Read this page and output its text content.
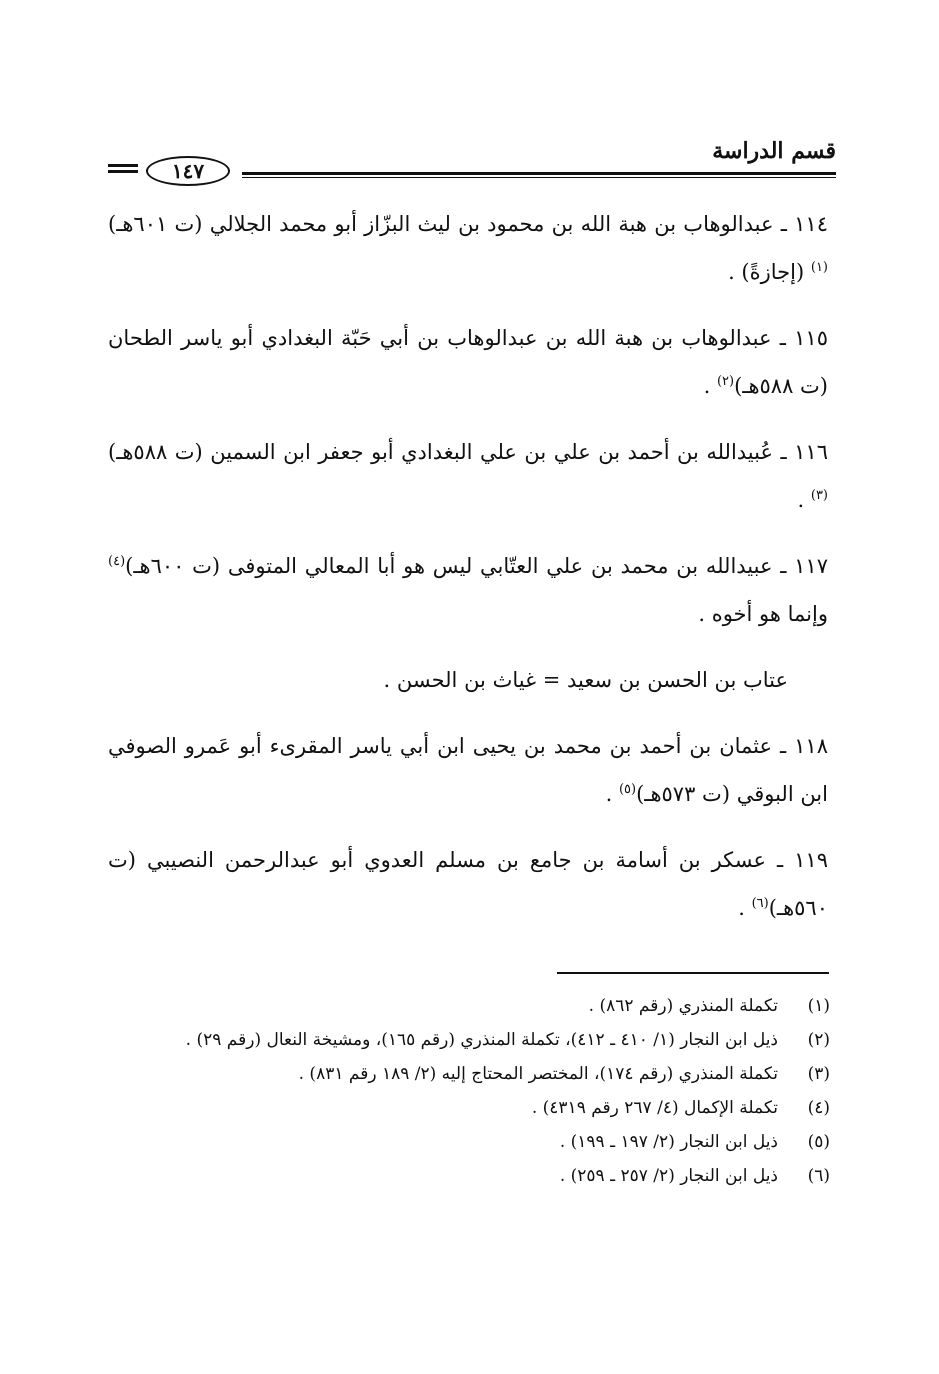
قسم الدراسة
١٤٧
١١٤ ـ عبدالوهاب بن هبة الله بن محمود بن ليث البزّاز أبو محمد الجلالي (ت ٦٠١هـ)$^{(١)}$ (إجازةً) .
١١٥ ـ عبدالوهاب بن هبة الله بن عبدالوهاب بن أبي حَبّة البغدادي أبو ياسر الطحان (ت ٥٨٨هـ)$^{(٢)}$ .
١١٦ ـ عُبيدالله بن أحمد بن علي بن علي البغدادي أبو جعفر ابن السمين (ت ٥٨٨هـ)$^{(٣)}$ .
١١٧ ـ عبيدالله بن محمد بن علي العتّابي ليس هو أبا المعالي المتوفى (ت ٦٠٠هـ)$^{(٤)}$ وإنما هو أخوه .
عتاب بن الحسن بن سعيد = غياث بن الحسن .
١١٨ ـ عثمان بن أحمد بن محمد بن يحيى ابن أبي ياسر المقرىء أبو عَمرو الصوفي ابن البوقي (ت ٥٧٣هـ)$^{(٥)}$ .
١١٩ ـ عسكر بن أسامة بن جامع بن مسلم العدوي أبو عبدالرحمن النصيبي (ت ٥٦٠هـ)$^{(٦)}$ .
(١)
تكملة المنذري (رقم ٨٦٢) .
(٢)
ذيل ابن النجار (١/ ٤١٠ ـ ٤١٢)، تكملة المنذري (رقم ١٦٥)، ومشيخة النعال (رقم ٢٩) .
(٣)
تكملة المنذري (رقم ١٧٤)، المختصر المحتاج إليه (٢/ ١٨٩ رقم ٨٣١) .
(٤)
تكملة الإكمال (٤/ ٢٦٧ رقم ٤٣١٩) .
(٥)
ذيل ابن النجار (٢/ ١٩٧ ـ ١٩٩) .
(٦)
ذيل ابن النجار (٢/ ٢٥٧ ـ ٢٥٩) .
